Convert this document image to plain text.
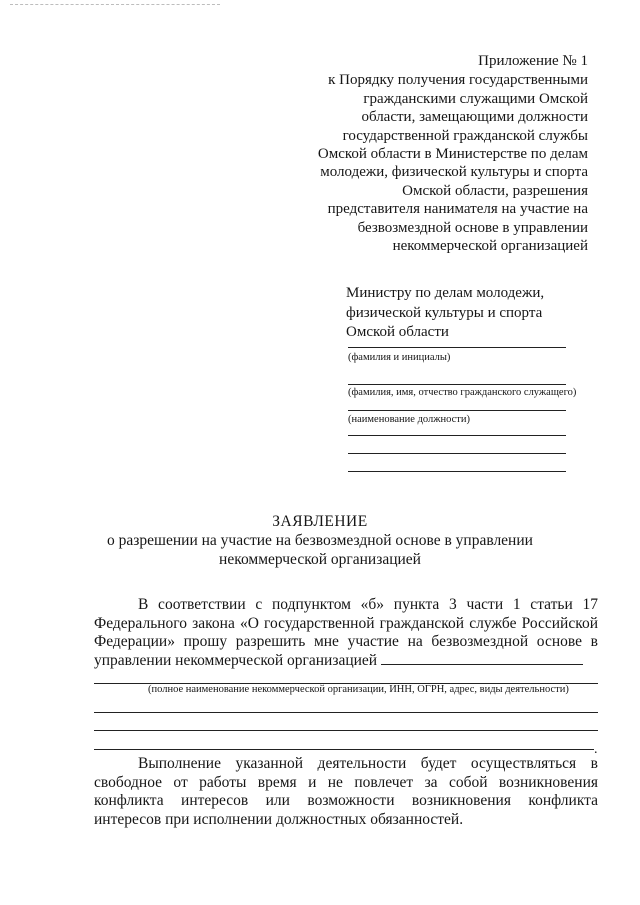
Приложение № 1
к Порядку получения государственными
гражданскими служащими Омской
области, замещающими должности
государственной гражданской службы
Омской области в Министерстве по делам
молодежи, физической культуры и спорта
Омской области, разрешения
представителя нанимателя на участие на
безвозмездной основе в управлении
некоммерческой организацией
Министру по делам молодежи,
физической культуры и спорта
Омской области
(фамилия и инициалы)
(фамилия, имя, отчество гражданского служащего)
(наименование должности)
ЗАЯВЛЕНИЕ
о разрешении на участие на безвозмездной основе в управлении
некоммерческой организацией

В соответствии с подпунктом «б» пункта 3 части 1 статьи 17 Федерального закона «О государственной гражданской службе Российской Федерации» прошу разрешить мне участие на безвозмездной основе в управлении некоммерческой организацией

(полное наименование некоммерческой организации, ИНН, ОГРН, адрес, виды деятельности)
.

Выполнение указанной деятельности будет осуществляться в свободное от работы время и не повлечет за собой возникновения конфликта интересов или возможности возникновения конфликта интересов при исполнении должностных обязанностей.
